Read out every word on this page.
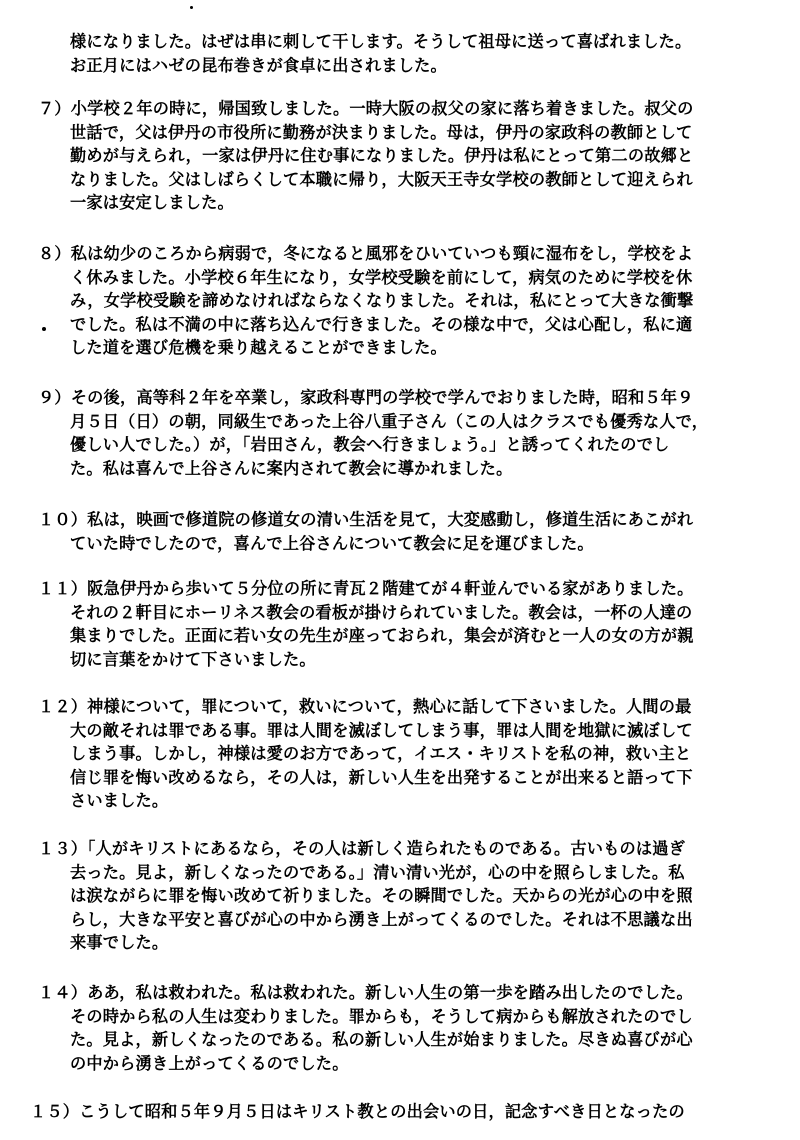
様になりました。はぜは串に刺して干します。そうして祖母に送って喜ばれました。
お正月にはハゼの昆布巻きが食卓に出されました。
７）小学校２年の時に，帰国致しました。一時大阪の叔父の家に落ち着きました。叔父の
世話で，父は伊丹の市役所に勤務が決まりました。母は，伊丹の家政科の教師として
勤めが与えられ，一家は伊丹に住む事になりました。伊丹は私にとって第二の故郷と
なりました。父はしばらくして本職に帰り，大阪天王寺女学校の教師として迎えられ
一家は安定しました。
８）私は幼少のころから病弱で，冬になると風邪をひいていつも頸に湿布をし，学校をよ
く休みました。小学校６年生になり，女学校受験を前にして，病気のために学校を休
み，女学校受験を諦めなければならなくなりました。それは，私にとって大きな衝撃
でした。私は不満の中に落ち込んで行きました。その様な中で，父は心配し，私に適
した道を選び危機を乗り越えることができました。
９）その後，高等科２年を卒業し，家政科専門の学校で学んでおりました時，昭和５年９
月５日（日）の朝，同級生であった上谷八重子さん（この人はクラスでも優秀な人で，
優しい人でした。）が，「岩田さん，教会へ行きましょう。」と誘ってくれたのでし
た。私は喜んで上谷さんに案内されて教会に導かれました。
１０）私は，映画で修道院の修道女の清い生活を見て，大変感動し，修道生活にあこがれ
ていた時でしたので，喜んで上谷さんについて教会に足を運びました。
１１）阪急伊丹から歩いて５分位の所に青瓦２階建てが４軒並んでいる家がありました。
それの２軒目にホーリネス教会の看板が掛けられていました。教会は，一杯の人達の
集まりでした。正面に若い女の先生が座っておられ，集会が済むと一人の女の方が親
切に言葉をかけて下さいました。
１２）神様について，罪について，救いについて，熱心に話して下さいました。人間の最
大の敵それは罪である事。罪は人間を滅ぼしてしまう事，罪は人間を地獄に滅ぼして
しまう事。しかし，神様は愛のお方であって，イエス・キリストを私の神，救い主と
信じ罪を悔い改めるなら，その人は，新しい人生を出発することが出来ると語って下
さいました。
１３）「人がキリストにあるなら，その人は新しく造られたものである。古いものは過ぎ
去った。見よ，新しくなったのである。」清い清い光が，心の中を照らしました。私
は涙ながらに罪を悔い改めて祈りました。その瞬間でした。天からの光が心の中を照
らし，大きな平安と喜びが心の中から湧き上がってくるのでした。それは不思議な出
来事でした。
１４）ああ，私は救われた。私は救われた。新しい人生の第一歩を踏み出したのでした。
その時から私の人生は変わりました。罪からも，そうして病からも解放されたのでし
た。見よ，新しくなったのである。私の新しい人生が始まりました。尽きぬ喜びが心
の中から湧き上がってくるのでした。
１５）こうして昭和５年９月５日はキリスト教との出会いの日，記念すべき日となったの
